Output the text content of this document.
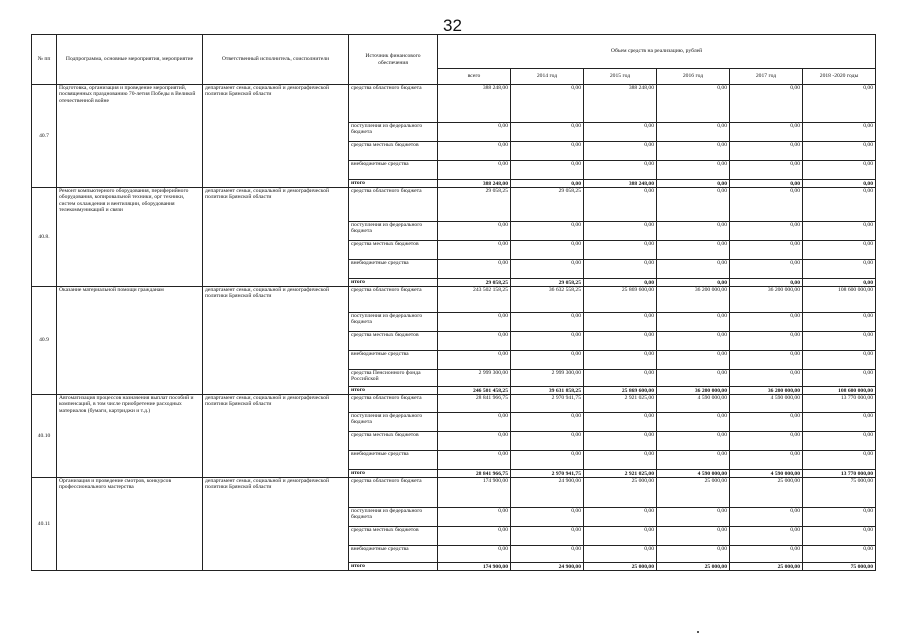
32
№ пп	Подпрограмма, основные мероприятия, мероприятие	Ответственный исполнитель, соисполнители	Источник финансового обеспечения	Объем средств на реализацию, рублей					
				всего	2014 год	2015 год	2016 год	2017 год	2018 -2020 годы
40.7	Подготовка, организация и проведение мероприятий, посвященных празднованию 70-летия Победы в Великой отечественной войне	департамент семьи, социальной и демографической политики Брянской области	средства областного бюджета	388 248,00	0,00	388 248,00	0,00	0,00	0,00
			поступления из федерального бюджета	0,00	0,00	0,00	0,00	0,00	0,00
			средства местных бюджетов	0,00	0,00	0,00	0,00	0,00	0,00
			внебюджетные средства	0,00	0,00	0,00	0,00	0,00	0,00
			итого	388 248,00	0,00	388 248,00	0,00	0,00	0,00
40.8.	Ремонт компьютерного оборудования, периферийного оборудования, копировальной техники, орг техники, систем охлаждения и вентиляции, оборудования телекоммуникаций и связи	департамент семьи, социальной и демографической политики Брянской области	средства областного бюджета	29 058,25	29 058,25	0,00	0,00	0,00	0,00
			поступления из федерального бюджета	0,00	0,00	0,00	0,00	0,00	0,00
			средства местных бюджетов	0,00	0,00	0,00	0,00	0,00	0,00
			внебюджетные средства	0,00	0,00	0,00	0,00	0,00	0,00
			итого	29 058,25	29 058,25	0,00	0,00	0,00	0,00
40.9	Оказание материальной помощи гражданам	департамент семьи, социальной и демографической политики Брянской области	средства областного бюджета	243 502 158,25	36 632 558,25	25 869 600,00	36 200 000,00	36 200 000,00	108 600 000,00
			поступления из федерального бюджета	0,00	0,00	0,00	0,00	0,00	0,00
			средства местных бюджетов	0,00	0,00	0,00	0,00	0,00	0,00
			внебюджетные средства	0,00	0,00	0,00	0,00	0,00	0,00
			средства Пенсионного фонда Российской	2 999 300,00	2 999 300,00	0,00	0,00	0,00	0,00
			итого	246 501 458,25	39 631 858,25	25 869 600,00	36 200 000,00	36 200 000,00	108 600 000,00
40.10	Автоматизация процессов назначения выплат пособий и компенсаций, в том числе приобретение расходных материалов (бумаги, картриджи и т.д.)	департамент семьи, социальной и демографической политики Брянской области	средства областного бюджета	28 841 966,75	2 970 941,75	2 921 025,00	4 590 000,00	4 590 000,00	13 770 000,00
			поступления из федерального бюджета	0,00	0,00	0,00	0,00	0,00	0,00
			средства местных бюджетов	0,00	0,00	0,00	0,00	0,00	0,00
			внебюджетные средства	0,00	0,00	0,00	0,00	0,00	0,00
			итого	28 841 966,75	2 970 941,75	2 921 025,00	4 590 000,00	4 590 000,00	13 770 000,00
40.11	Организация и проведение смотров, конкурсов профессионального мастерства	департамент семьи, социальной и демографической политики Брянской области	средства областного бюджета	174 900,00	24 900,00	25 000,00	25 000,00	25 000,00	75 000,00
			поступления из федерального бюджета	0,00	0,00	0,00	0,00	0,00	0,00
			средства местных бюджетов	0,00	0,00	0,00	0,00	0,00	0,00
			внебюджетные средства	0,00	0,00	0,00	0,00	0,00	0,00
			итого	174 900,00	24 900,00	25 000,00	25 000,00	25 000,00	75 000,00
